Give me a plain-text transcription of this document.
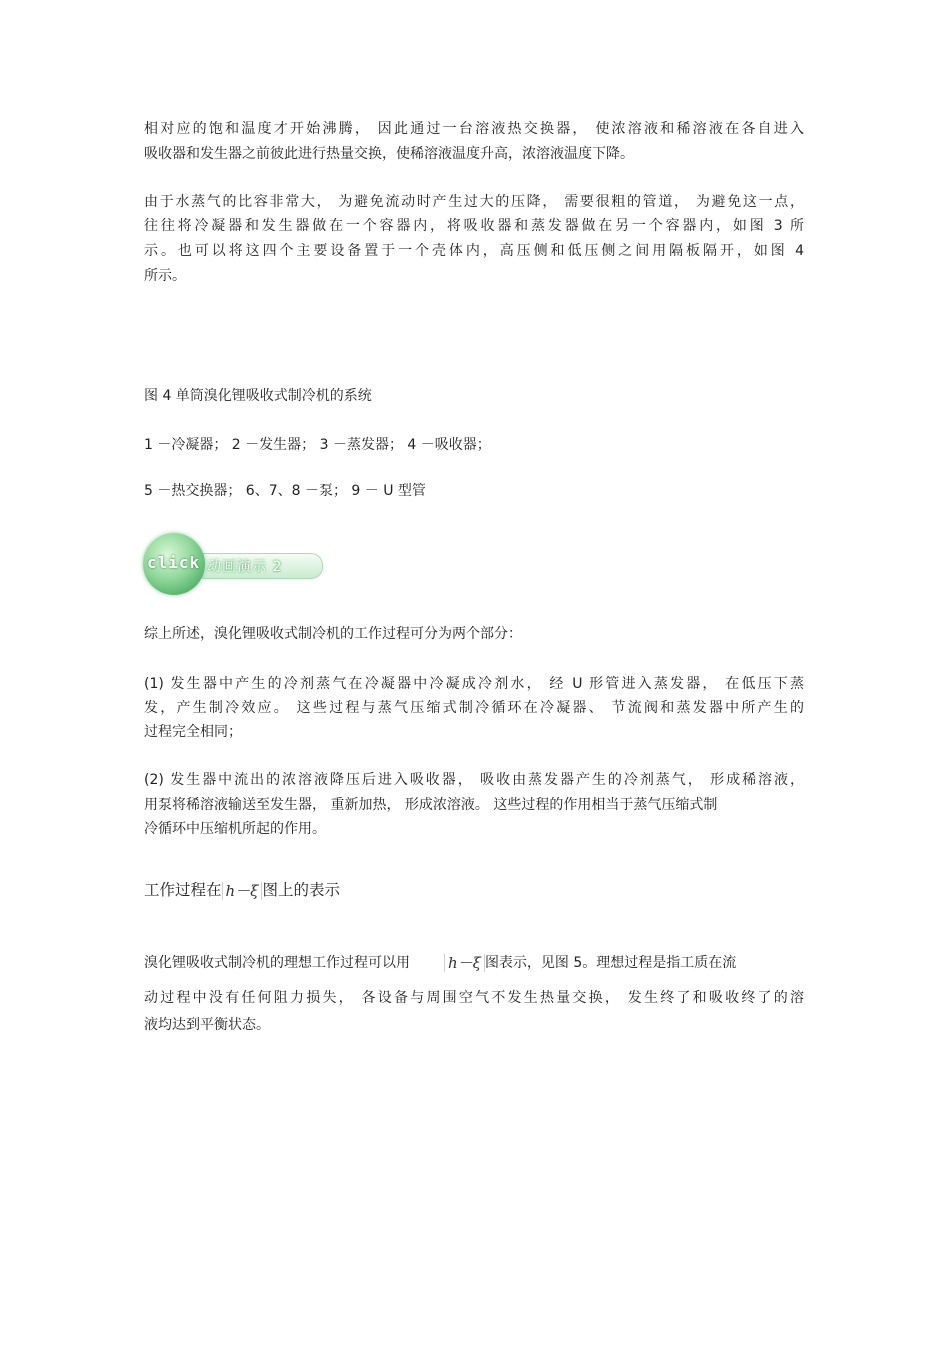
相对应的饱和温度才开始沸腾， 因此通过一台溶液热交换器， 使浓溶液和稀溶液在各自进入
吸收器和发生器之前彼此进行热量交换，使稀溶液温度升高，浓溶液温度下降。
由于水蒸气的比容非常大， 为避免流动时产生过大的压降， 需要很粗的管道， 为避免这一点，
往往将冷凝器和发生器做在一个容器内，将吸收器和蒸发器做在另一个容器内，如图 3 所
示。也可以将这四个主要设备置于一个壳体内，高压侧和低压侧之间用隔板隔开，如图 4
所示。
图 4 单筒溴化锂吸收式制冷机的系统
1 －冷凝器； 2 －发生器； 3 －蒸发器； 4 －吸收器；
5 －热交换器； 6、7、8 －泵； 9 － U 型管
click 动画演示 2
综上所述，溴化锂吸收式制冷机的工作过程可分为两个部分：
(1) 发生器中产生的冷剂蒸气在冷凝器中冷凝成冷剂水， 经 U 形管进入蒸发器， 在低压下蒸
发，产生制冷效应。 这些过程与蒸气压缩式制冷循环在冷凝器、 节流阀和蒸发器中所产生的
过程完全相同；
(2) 发生器中流出的浓溶液降压后进入吸收器， 吸收由蒸发器产生的冷剂蒸气， 形成稀溶液，
用泵将稀溶液输送至发生器， 重新加热， 形成浓溶液。 这些过程的作用相当于蒸气压缩式制
冷循环中压缩机所起的作用。
工作过程在 h－ξ 图上的表示
溴化锂吸收式制冷机的理想工作过程可以用	h－ξ 图表示，见图 5。理想过程是指工质在流
动过程中没有任何阻力损失， 各设备与周围空气不发生热量交换， 发生终了和吸收终了的溶
液均达到平衡状态。
